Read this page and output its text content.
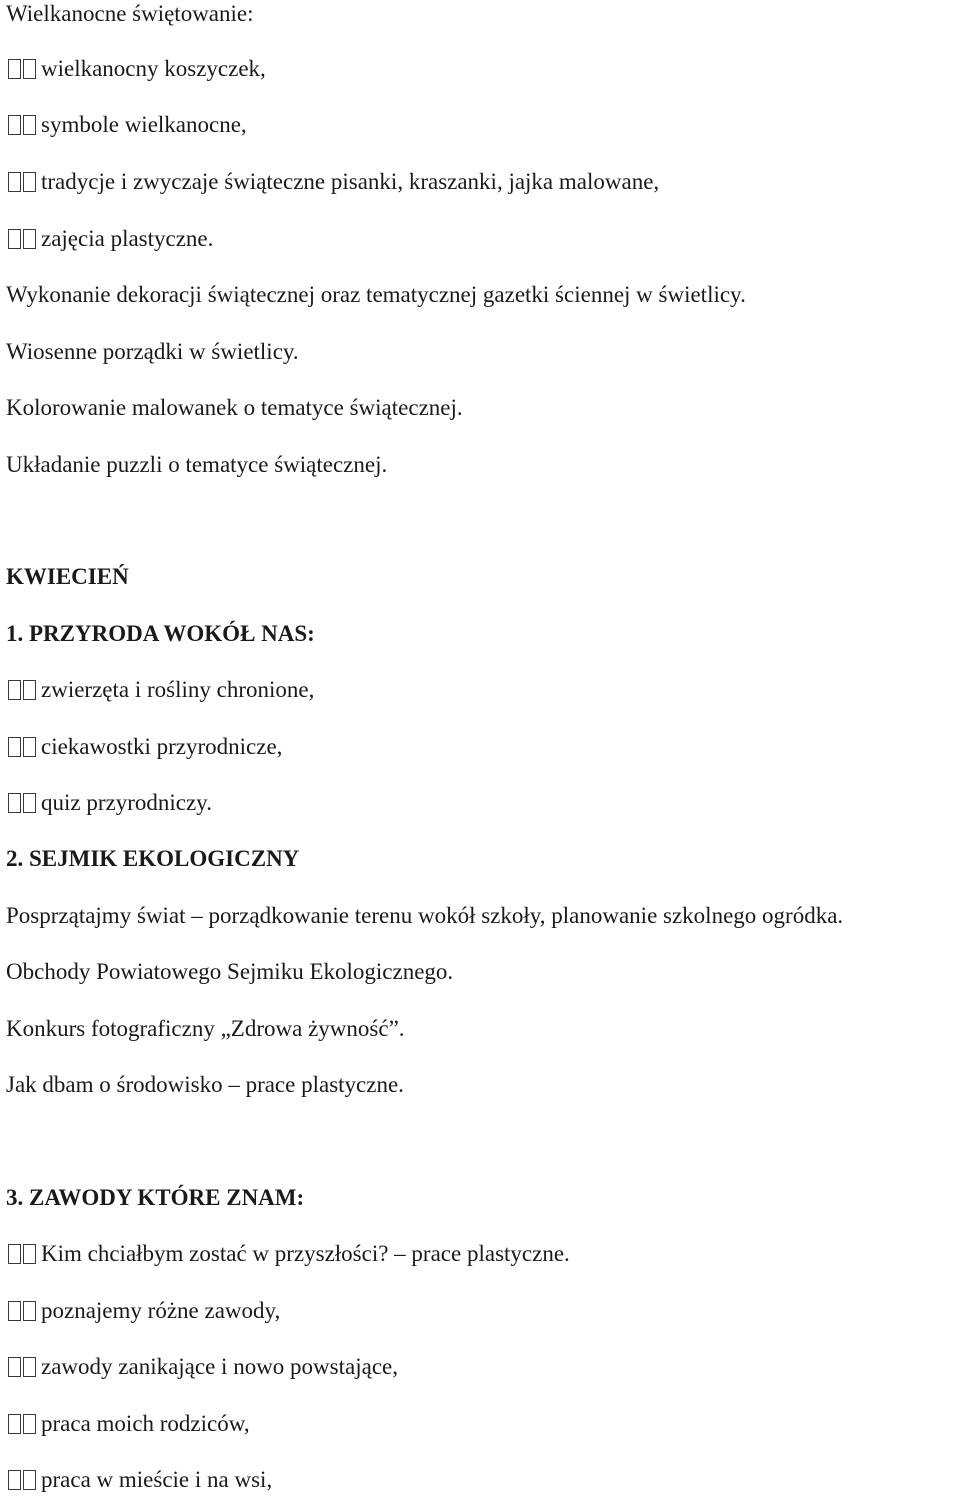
Wielkanocne świętowanie:
wielkanocny koszyczek,
symbole wielkanocne,
tradycje i zwyczaje świąteczne pisanki, kraszanki, jajka malowane,
zajęcia plastyczne.
Wykonanie dekoracji świątecznej oraz tematycznej gazetki ściennej w świetlicy.
Wiosenne porządki w świetlicy.
Kolorowanie malowanek o tematyce świątecznej.
Układanie puzzli o tematyce świątecznej.
KWIECIEŃ
1. PRZYRODA WOKÓŁ NAS:
zwierzęta i rośliny chronione,
ciekawostki przyrodnicze,
quiz przyrodniczy.
2. SEJMIK EKOLOGICZNY
Posprzątajmy świat – porządkowanie terenu wokół szkoły, planowanie szkolnego ogródka.
Obchody Powiatowego Sejmiku Ekologicznego.
Konkurs fotograficzny „Zdrowa żywność”.
Jak dbam o środowisko – prace plastyczne.
3. ZAWODY KTÓRE ZNAM:
Kim chciałbym zostać w przyszłości? – prace plastyczne.
poznajemy różne zawody,
zawody zanikające i nowo powstające,
praca moich rodziców,
praca w mieście i na wsi,
